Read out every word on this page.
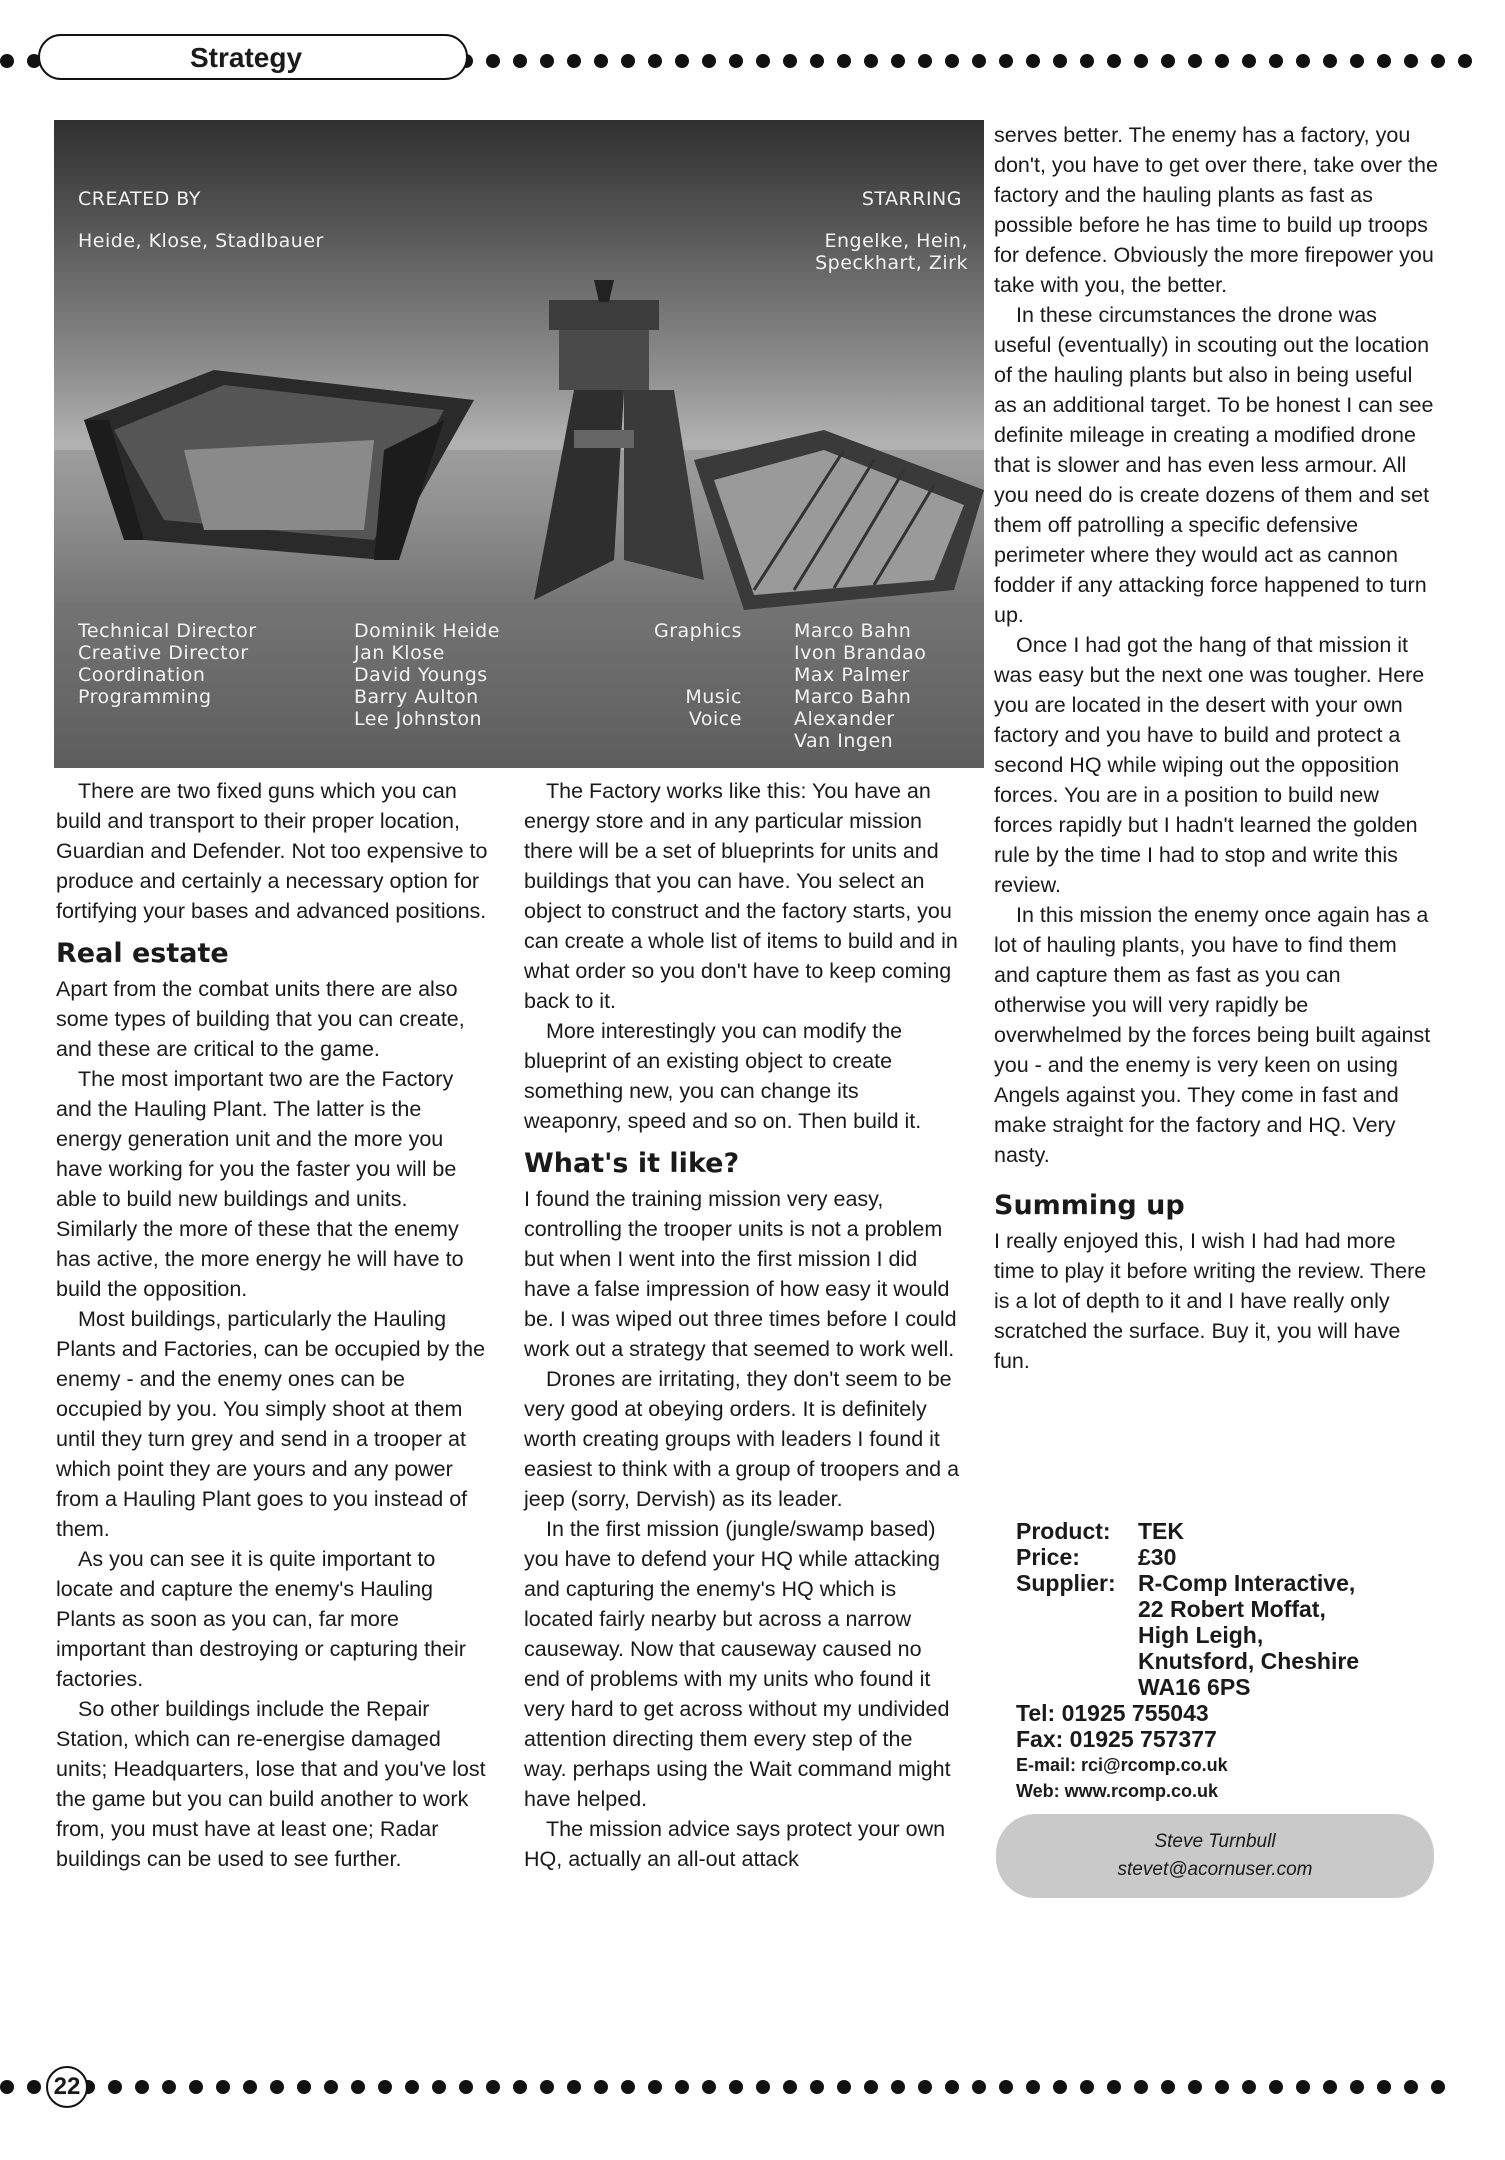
Strategy
CREATED BY
Heide, Klose, Stadlbauer
STARRING
Engelke, Hein,
Speckhart, Zirk
Technical Director
Creative Director
Coordination
Programming
Dominik Heide
Jan Klose
David Youngs
Barry Aulton
Lee Johnston
Graphics

Music
Voice
Marco Bahn
Ivon Brandao
Max Palmer
Marco Bahn
Alexander
Van Ingen

There are two fixed guns which you can build and transport to their proper location, Guardian and Defender. Not too expensive to produce and certainly a necessary option for fortifying your bases and advanced positions.

Real estate

Apart from the combat units there are also some types of building that you can create, and these are critical to the game.

The most important two are the Factory and the Hauling Plant. The latter is the energy generation unit and the more you have working for you the faster you will be able to build new buildings and units. Similarly the more of these that the enemy has active, the more energy he will have to build the opposition.

Most buildings, particularly the Hauling Plants and Factories, can be occupied by the enemy - and the enemy ones can be occupied by you. You simply shoot at them until they turn grey and send in a trooper at which point they are yours and any power from a Hauling Plant goes to you instead of them.

As you can see it is quite important to locate and capture the enemy's Hauling Plants as soon as you can, far more important than destroying or capturing their factories.

So other buildings include the Repair Station, which can re-energise damaged units; Headquarters, lose that and you've lost the game but you can build another to work from, you must have at least one; Radar buildings can be used to see further.

The Factory works like this: You have an energy store and in any particular mission there will be a set of blueprints for units and buildings that you can have. You select an object to construct and the factory starts, you can create a whole list of items to build and in what order so you don't have to keep coming back to it.

More interestingly you can modify the blueprint of an existing object to create something new, you can change its weaponry, speed and so on. Then build it.

What's it like?

I found the training mission very easy, controlling the trooper units is not a problem but when I went into the first mission I did have a false impression of how easy it would be. I was wiped out three times before I could work out a strategy that seemed to work well.

Drones are irritating, they don't seem to be very good at obeying orders. It is definitely worth creating groups with leaders I found it easiest to think with a group of troopers and a jeep (sorry, Dervish) as its leader.

In the first mission (jungle/swamp based) you have to defend your HQ while attacking and capturing the enemy's HQ which is located fairly nearby but across a narrow causeway. Now that causeway caused no end of problems with my units who found it very hard to get across without my undivided attention directing them every step of the way. perhaps using the Wait command might have helped.

The mission advice says protect your own HQ, actually an all-out attack

serves better. The enemy has a factory, you don't, you have to get over there, take over the factory and the hauling plants as fast as possible before he has time to build up troops for defence. Obviously the more firepower you take with you, the better.

In these circumstances the drone was useful (eventually) in scouting out the location of the hauling plants but also in being useful as an additional target. To be honest I can see definite mileage in creating a modified drone that is slower and has even less armour. All you need do is create dozens of them and set them off patrolling a specific defensive perimeter where they would act as cannon fodder if any attacking force happened to turn up.

Once I had got the hang of that mission it was easy but the next one was tougher. Here you are located in the desert with your own factory and you have to build and protect a second HQ while wiping out the opposition forces. You are in a position to build new forces rapidly but I hadn't learned the golden rule by the time I had to stop and write this review.

In this mission the enemy once again has a lot of hauling plants, you have to find them and capture them as fast as you can otherwise you will very rapidly be overwhelmed by the forces being built against you - and the enemy is very keen on using Angels against you. They come in fast and make straight for the factory and HQ. Very nasty.

Summing up

I really enjoyed this, I wish I had had more time to play it before writing the review. There is a lot of depth to it and I have really only scratched the surface. Buy it, you will have fun.

Product:	TEK
Price:	£30
Supplier: R-Comp Interactive,
22 Robert Moffat,
High Leigh,
Knutsford, Cheshire
WA16 6PS
Tel: 01925 755043
Fax: 01925 757377
E-mail: rci@rcomp.co.uk
Web: www.rcomp.co.uk
Steve Turnbull
stevet@acornuser.com
22
